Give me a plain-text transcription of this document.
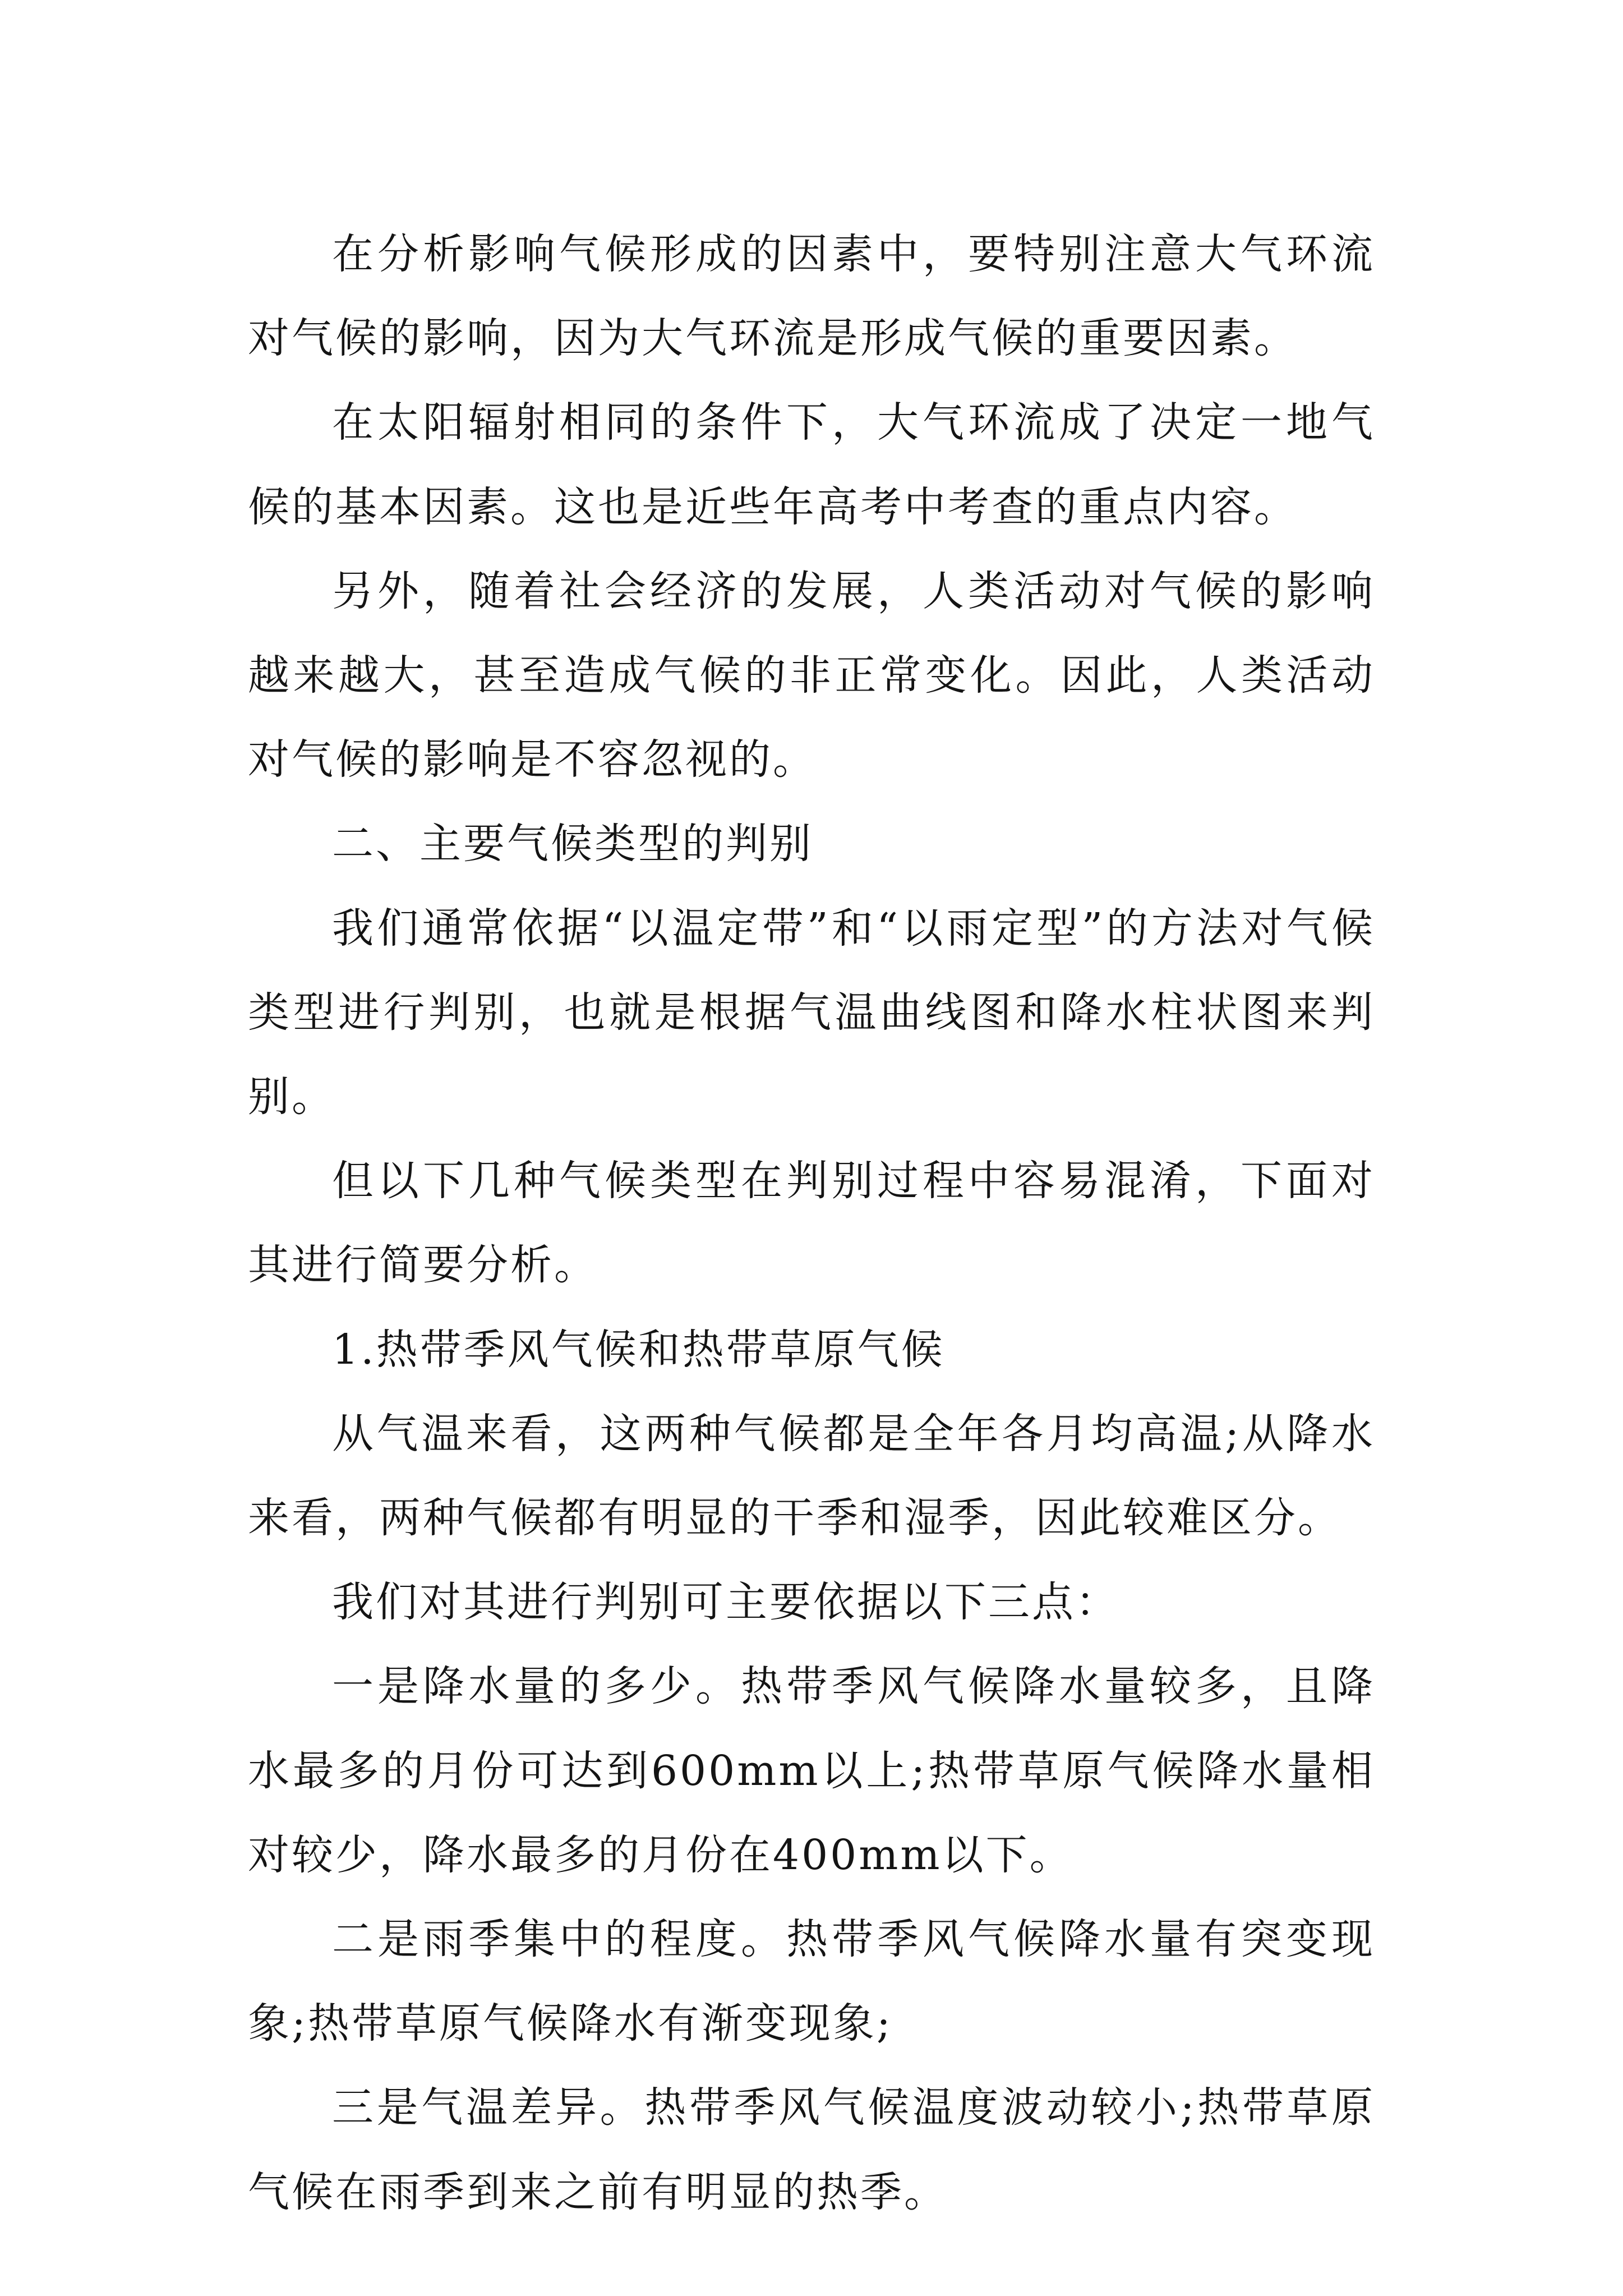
在分析影响气候形成的因素中，要特别注意大气环流对气候的影响，因为大气环流是形成气候的重要因素。

在太阳辐射相同的条件下，大气环流成了决定一地气候的基本因素。这也是近些年高考中考查的重点内容。

另外，随着社会经济的发展，人类活动对气候的影响越来越大，甚至造成气候的非正常变化。因此，人类活动对气候的影响是不容忽视的。

二、主要气候类型的判别

我们通常依据“以温定带”和“以雨定型”的方法对气候类型进行判别，也就是根据气温曲线图和降水柱状图来判别。

但以下几种气候类型在判别过程中容易混淆，下面对其进行简要分析。

1.热带季风气候和热带草原气候

从气温来看，这两种气候都是全年各月均高温;从降水来看，两种气候都有明显的干季和湿季，因此较难区分。

我们对其进行判别可主要依据以下三点：

一是降水量的多少。热带季风气候降水量较多，且降水最多的月份可达到600mm以上;热带草原气候降水量相对较少，降水最多的月份在400mm以下。

二是雨季集中的程度。热带季风气候降水量有突变现象;热带草原气候降水有渐变现象;

三是气温差异。热带季风气候温度波动较小;热带草原气候在雨季到来之前有明显的热季。
